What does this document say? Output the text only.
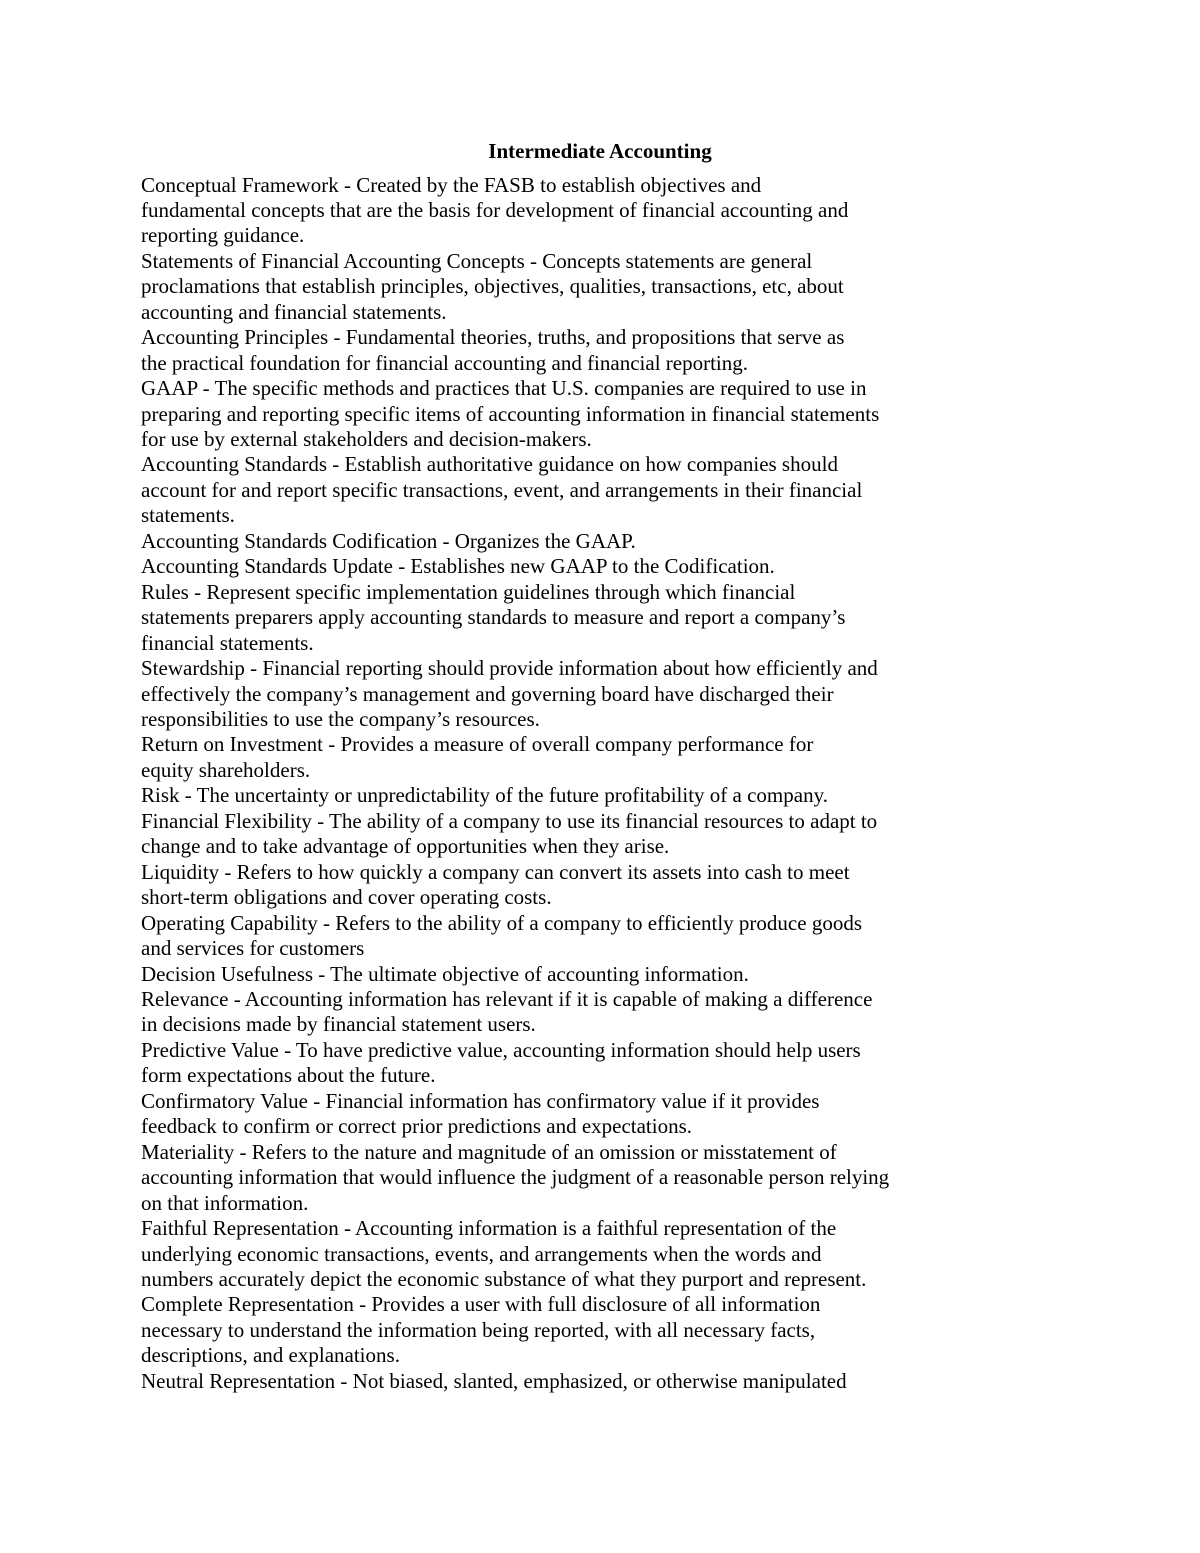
Intermediate Accounting

Conceptual Framework - Created by the FASB to establish objectives and
fundamental concepts that are the basis for development of financial accounting and
reporting guidance.

Statements of Financial Accounting Concepts - Concepts statements are general
proclamations that establish principles, objectives, qualities, transactions, etc, about
accounting and financial statements.

Accounting Principles - Fundamental theories, truths, and propositions that serve as
the practical foundation for financial accounting and financial reporting.

GAAP - The specific methods and practices that U.S. companies are required to use in
preparing and reporting specific items of accounting information in financial statements
for use by external stakeholders and decision-makers.

Accounting Standards - Establish authoritative guidance on how companies should
account for and report specific transactions, event, and arrangements in their financial
statements.

Accounting Standards Codification - Organizes the GAAP.

Accounting Standards Update - Establishes new GAAP to the Codification.

Rules - Represent specific implementation guidelines through which financial
statements preparers apply accounting standards to measure and report a company’s
financial statements.

Stewardship - Financial reporting should provide information about how efficiently and
effectively the company’s management and governing board have discharged their
responsibilities to use the company’s resources.

Return on Investment - Provides a measure of overall company performance for
equity shareholders.

Risk - The uncertainty or unpredictability of the future profitability of a company.

Financial Flexibility - The ability of a company to use its financial resources to adapt to
change and to take advantage of opportunities when they arise.

Liquidity - Refers to how quickly a company can convert its assets into cash to meet
short-term obligations and cover operating costs.

Operating Capability - Refers to the ability of a company to efficiently produce goods
and services for customers

Decision Usefulness - The ultimate objective of accounting information.

Relevance - Accounting information has relevant if it is capable of making a difference
in decisions made by financial statement users.

Predictive Value - To have predictive value, accounting information should help users
form expectations about the future.

Confirmatory Value - Financial information has confirmatory value if it provides
feedback to confirm or correct prior predictions and expectations.

Materiality - Refers to the nature and magnitude of an omission or misstatement of
accounting information that would influence the judgment of a reasonable person relying
on that information.

Faithful Representation - Accounting information is a faithful representation of the
underlying economic transactions, events, and arrangements when the words and
numbers accurately depict the economic substance of what they purport and represent.

Complete Representation - Provides a user with full disclosure of all information
necessary to understand the information being reported, with all necessary facts,
descriptions, and explanations.

Neutral Representation - Not biased, slanted, emphasized, or otherwise manipulated
